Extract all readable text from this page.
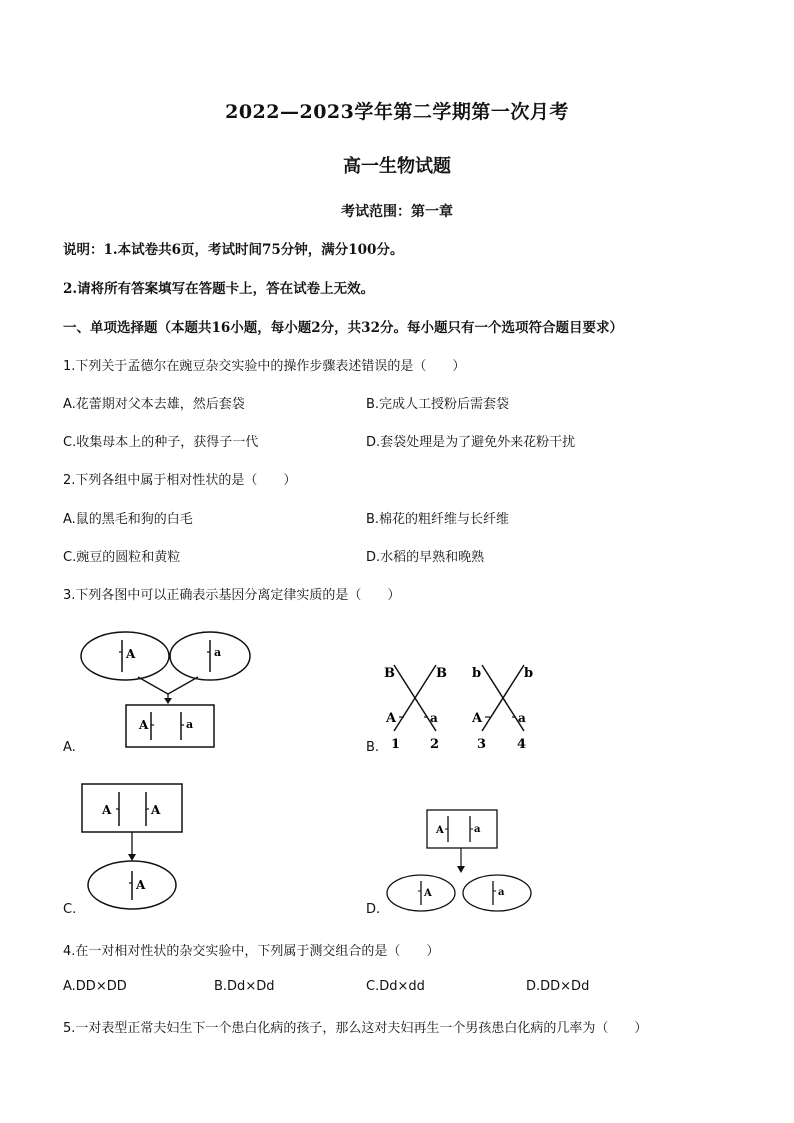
2022—2023学年第二学期第一次月考
高一生物试题
考试范围：第一章
说明：1.本试卷共6页，考试时间75分钟，满分100分。
2.请将所有答案填写在答题卡上，答在试卷上无效。
一、单项选择题（本题共16小题，每小题2分，共32分。每小题只有一个选项符合题目要求）
1.下列关于孟德尔在豌豆杂交实验中的操作步骤表述错误的是（　　）
A.花蕾期对父本去雄，然后套袋	B.完成人工授粉后需套袋
C.收集母本上的种子，获得子一代	D.套袋处理是为了避免外来花粉干扰
2.下列各组中属于相对性状的是（　　）
A.鼠的黑毛和狗的白毛	B.棉花的粗纤维与长纤维
C.豌豆的圆粒和黄粒	D.水稻的早熟和晚熟
3.下列各图中可以正确表示基因分离定律实质的是（　　）
A.
A	a
A	a
B.
B	B
A	a
1 2
b	b
A	a
3 4
C.
A	A
A
D.
A	a
A	a
4.在一对相对性状的杂交实验中，下列属于测交组合的是（　　）
A.DD×DD	B.Dd×Dd	C.Dd×dd	D.DD×Dd
5.一对表型正常夫妇生下一个患白化病的孩子，那么这对夫妇再生一个男孩患白化病的几率为（　　）
